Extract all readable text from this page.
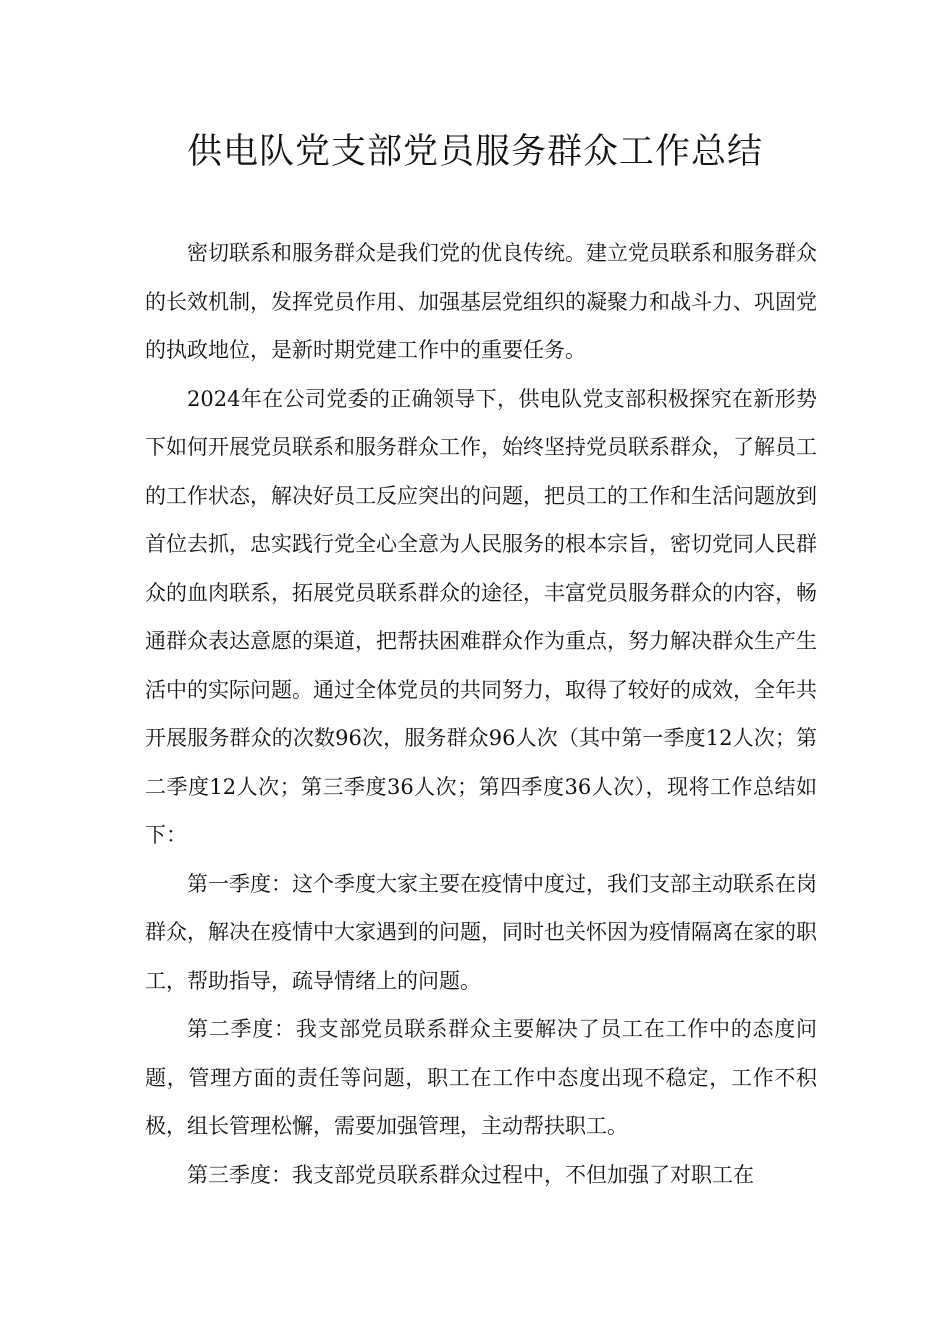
供电队党支部党员服务群众工作总结

密切联系和服务群众是我们党的优良传统。建立党员联系和服务群众的长效机制，发挥党员作用、加强基层党组织的凝聚力和战斗力、巩固党的执政地位，是新时期党建工作中的重要任务。

2024年在公司党委的正确领导下，供电队党支部积极探究在新形势下如何开展党员联系和服务群众工作，始终坚持党员联系群众，了解员工的工作状态，解决好员工反应突出的问题，把员工的工作和生活问题放到首位去抓，忠实践行党全心全意为人民服务的根本宗旨，密切党同人民群众的血肉联系，拓展党员联系群众的途径，丰富党员服务群众的内容，畅通群众表达意愿的渠道，把帮扶困难群众作为重点，努力解决群众生产生活中的实际问题。通过全体党员的共同努力，取得了较好的成效，全年共开展服务群众的次数96次，服务群众96人次（其中第一季度12人次；第二季度12人次；第三季度36人次；第四季度36人次），现将工作总结如下：

第一季度：这个季度大家主要在疫情中度过，我们支部主动联系在岗群众，解决在疫情中大家遇到的问题，同时也关怀因为疫情隔离在家的职工，帮助指导，疏导情绪上的问题。

第二季度：我支部党员联系群众主要解决了员工在工作中的态度问题，管理方面的责任等问题，职工在工作中态度出现不稳定，工作不积极，组长管理松懈，需要加强管理，主动帮扶职工。

第三季度：我支部党员联系群众过程中，不但加强了对职工在
